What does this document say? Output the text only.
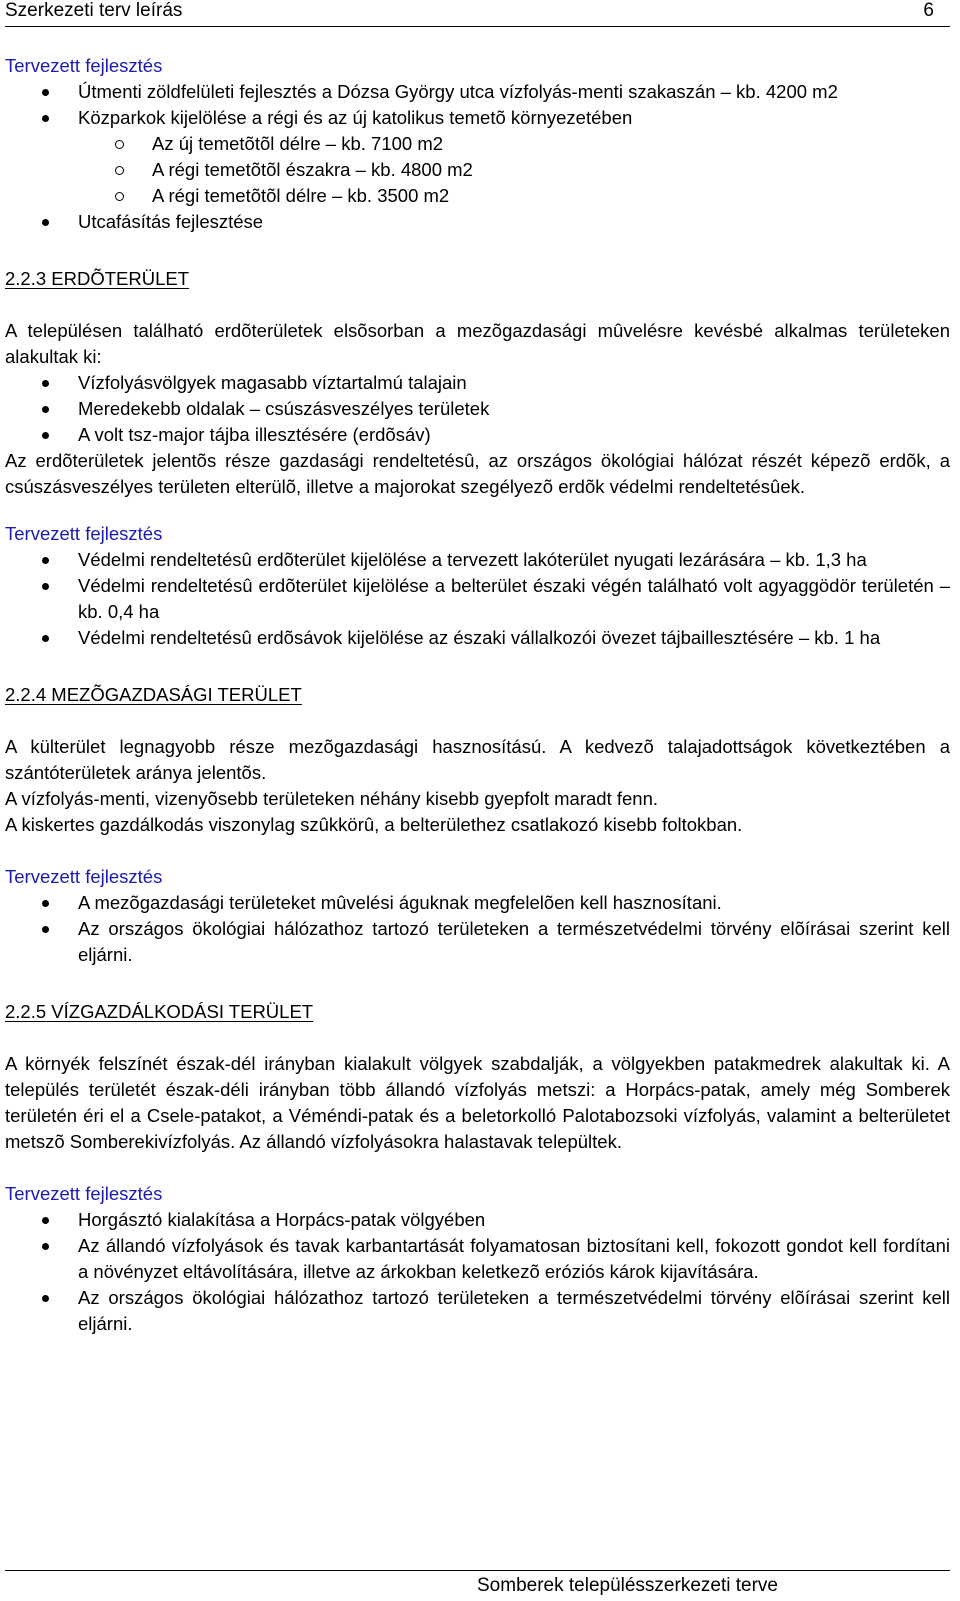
Szerkezeti terv leírás	6
Tervezett fejlesztés
Útmenti zöldfelületi fejlesztés a Dózsa György utca vízfolyás-menti szakaszán – kb. 4200 m2
Közparkok kijelölése a régi és az új katolikus temetõ környezetében
Az új temetõtõl délre – kb. 7100 m2
A régi temetõtõl északra – kb. 4800 m2
A régi temetõtõl délre – kb. 3500 m2
Utcafásítás fejlesztése
2.2.3 ERDÕTERÜLET
A településen található erdõterületek elsõsorban a mezõgazdasági mûvelésre kevésbé alkalmas területeken alakultak ki:
Vízfolyásvölgyek magasabb víztartalmú talajain
Meredekebb oldalak – csúszásveszélyes területek
A volt tsz-major tájba illesztésére (erdõsáv)
Az erdõterületek jelentõs része gazdasági rendeltetésû, az országos ökológiai hálózat részét képezõ erdõk, a csúszásveszélyes területen elterülõ, illetve a majorokat szegélyezõ erdõk védelmi rendeltetésûek.
Tervezett fejlesztés
Védelmi rendeltetésû erdõterület kijelölése a tervezett lakóterület nyugati lezárására – kb. 1,3 ha
Védelmi rendeltetésû erdõterület kijelölése a belterület északi végén található volt agyaggödör területén – kb. 0,4 ha
Védelmi rendeltetésû erdõsávok kijelölése az északi vállalkozói övezet tájbaillesztésére – kb. 1 ha
2.2.4 MEZÕGAZDASÁGI TERÜLET
A külterület legnagyobb része mezõgazdasági hasznosítású. A kedvezõ talajadottságok következtében a szántóterületek aránya jelentõs.
A vízfolyás-menti, vizenyõsebb területeken néhány kisebb gyepfolt maradt fenn.
A kiskertes gazdálkodás viszonylag szûkkörû, a belterülethez csatlakozó kisebb foltokban.
Tervezett fejlesztés
A mezõgazdasági területeket mûvelési águknak megfelelõen kell hasznosítani.
Az országos ökológiai hálózathoz tartozó területeken a természetvédelmi törvény elõírásai szerint kell eljárni.
2.2.5 VÍZGAZDÁLKODÁSI TERÜLET
A környék felszínét észak-dél irányban kialakult völgyek szabdalják, a völgyekben patakmedrek alakultak ki. A település területét észak-déli irányban több állandó vízfolyás metszi: a Horpács-patak, amely még Somberek területén éri el a Csele-patakot, a Véméndi-patak és a beletorkolló Palotabozsoki vízfolyás, valamint a belterületet metszõ Somberekivízfolyás. Az állandó vízfolyásokra halastavak települtek.
Tervezett fejlesztés
Horgásztó kialakítása a Horpács-patak völgyében
Az állandó vízfolyások és tavak karbantartását folyamatosan biztosítani kell, fokozott gondot kell fordítani a növényzet eltávolítására, illetve az árkokban keletkezõ eróziós károk kijavítására.
Az országos ökológiai hálózathoz tartozó területeken a természetvédelmi törvény elõírásai szerint kell eljárni.
Somberek településszerkezeti terve
